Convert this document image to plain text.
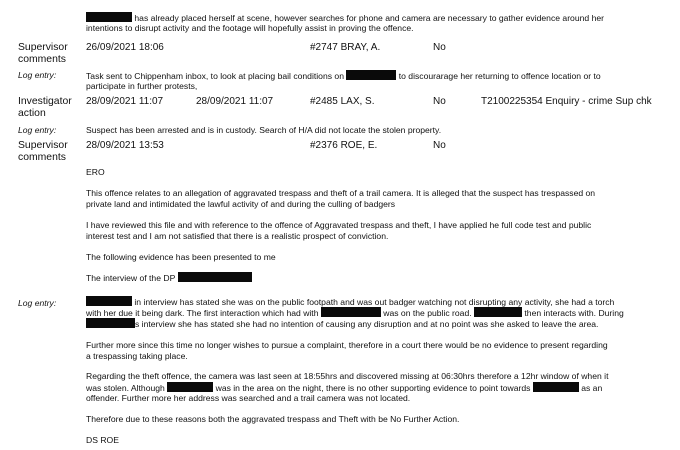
has already placed herself at scene, however searches for phone and camera are necessary to gather evidence around her
intentions to disrupt activity and the footage will hopefully assist in proving the offence.
Supervisor
comments
26/09/2021 18:06	#2747 BRAY, A.	No
Log entry:	Task sent to Chippenham inbox, to look at placing bail conditions on	to discourarage her returning to offence location or to
participate in further protests,
Investigator
action
28/09/2021 11:07	28/09/2021 11:07	#2485 LAX, S.	No	T2100225354 Enquiry - crime Sup chk
Log entry:	Suspect has been arrested and is in custody. Search of H/A did not locate the stolen property.
Supervisor
comments
28/09/2021 13:53	#2376 ROE, E.	No
ERO
This offence relates to an allegation of aggravated trespass and theft of a trail camera. It is alleged that the suspect has trespassed on
private land and intimidated the lawful activity of and during the culling of badgers
I have reviewed this file and with reference to the offence of Aggravated trespass and theft, I have applied he full code test and public
interest test and I am not satisfied that there is a realistic prospect of conviction.
The following evidence has been presented to me
The interview of the DP
Log entry:	in interview has stated she was on the public footpath and was out badger watching not disrupting any activity, she had a torch
with her due it being dark. The first interaction which had with	was on the public road.	then interacts with. During
s interview she has stated she had no intention of causing any disruption and at no point was she asked to leave the area.
Further more since this time no longer wishes to pursue a complaint, therefore in a court there would be no evidence to present regarding
a trespassing taking place.
Regarding the theft offence, the camera was last seen at 18:55hrs and discovered missing at 06:30hrs therefore a 12hr window of when it
was stolen. Although	was in the area on the night, there is no other supporting evidence to point towards	as an
offender. Further more her address was searched and a trail camera was not located.
Therefore due to these reasons both the aggravated trespass and Theft with be No Further Action.
DS ROE
